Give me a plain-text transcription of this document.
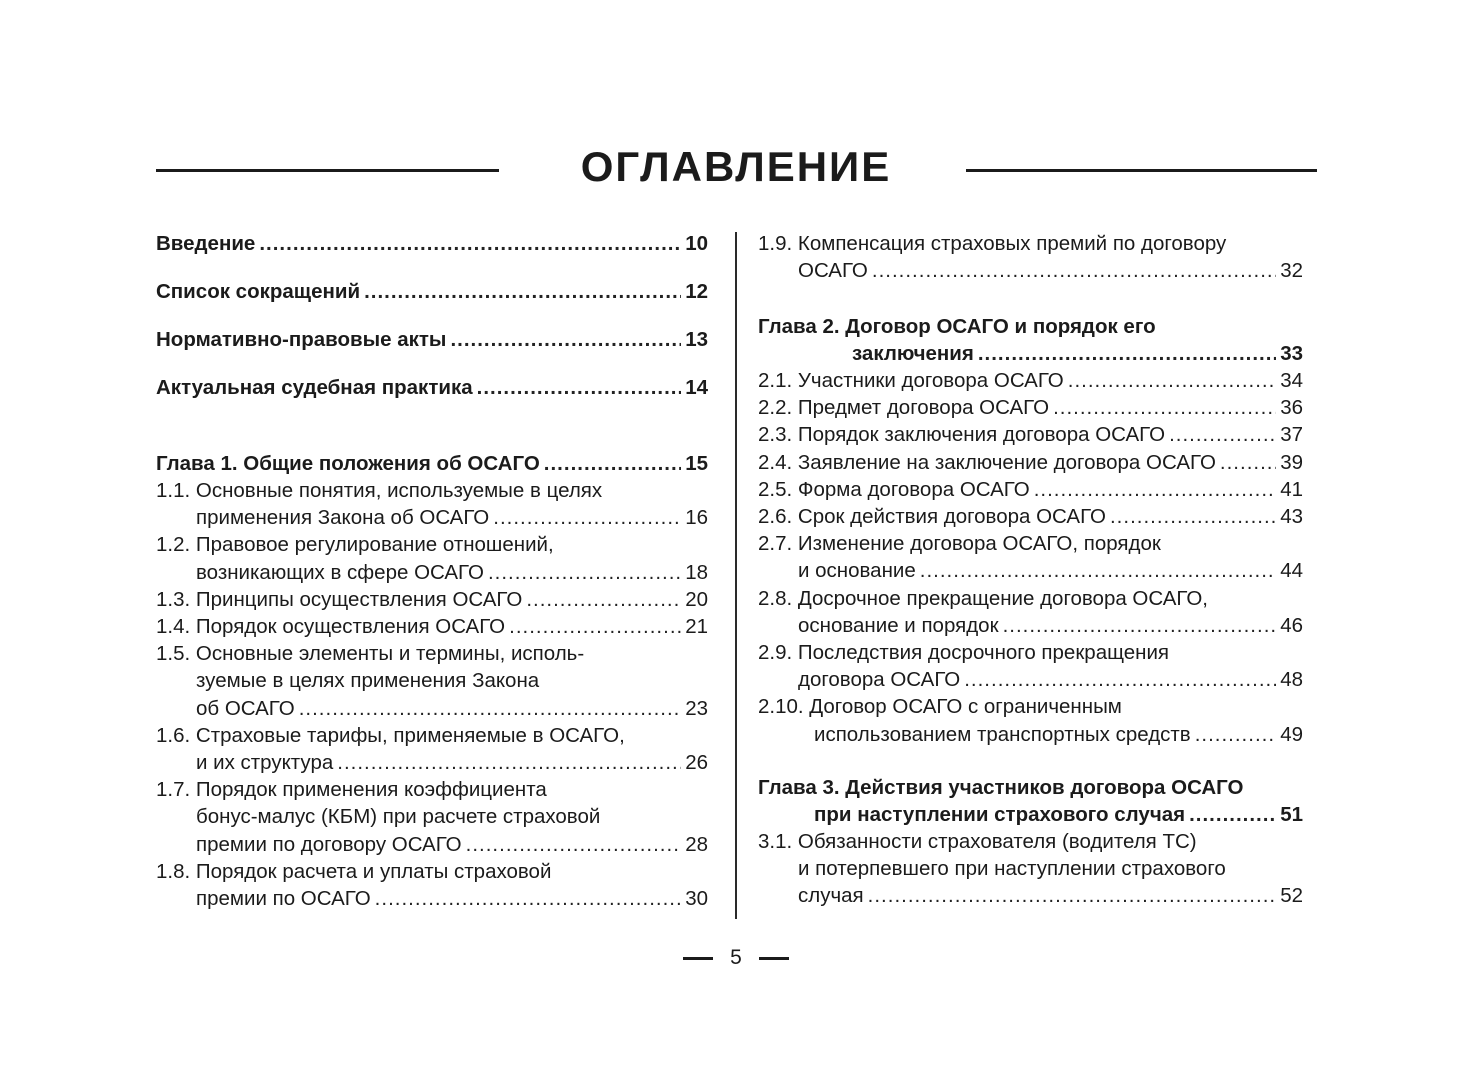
ОГЛАВЛЕНИЕ
Введение .....	10
Список сокращений .....	12
Нормативно-правовые акты .....	13
Актуальная судебная практика .....	14
Глава 1. Общие положения об ОСАГО .....	15
1.1. Основные понятия, используемые в целях
применения Закона об ОСАГО .....	16
1.2. Правовое регулирование отношений,
возникающих в сфере ОСАГО .....	18
1.3. Принципы осуществления ОСАГО .....	20
1.4. Порядок осуществления ОСАГО .....	21
1.5. Основные элементы и термины, исполь-
зуемые в целях применения Закона
об ОСАГО .....	23
1.6. Страховые тарифы, применяемые в ОСАГО,
и их структура .....	26
1.7. Порядок применения коэффициента
бонус-малус (КБМ) при расчете страховой
премии по договору ОСАГО .....	28
1.8. Порядок расчета и уплаты страховой
премии по ОСАГО .....	30
1.9. Компенсация страховых премий по договору
ОСАГО .....	32
Глава 2. Договор ОСАГО и порядок его
заключения .....	33
2.1. Участники договора ОСАГО .....	34
2.2. Предмет договора ОСАГО .....	36
2.3. Порядок заключения договора ОСАГО .....	37
2.4. Заявление на заключение договора ОСАГО .....	39
2.5. Форма договора ОСАГО .....	41
2.6. Срок действия договора ОСАГО .....	43
2.7. Изменение договора ОСАГО, порядок
и основание .....	44
2.8. Досрочное прекращение договора ОСАГО,
основание и порядок .....	46
2.9. Последствия досрочного прекращения
договора ОСАГО .....	48
2.10. Договор ОСАГО с ограниченным
использованием транспортных средств .....	49
Глава 3. Действия участников договора ОСАГО
при наступлении страхового случая .....	51
3.1. Обязанности страхователя (водителя ТС)
и потерпевшего при наступлении страхового
случая .....	52
5
